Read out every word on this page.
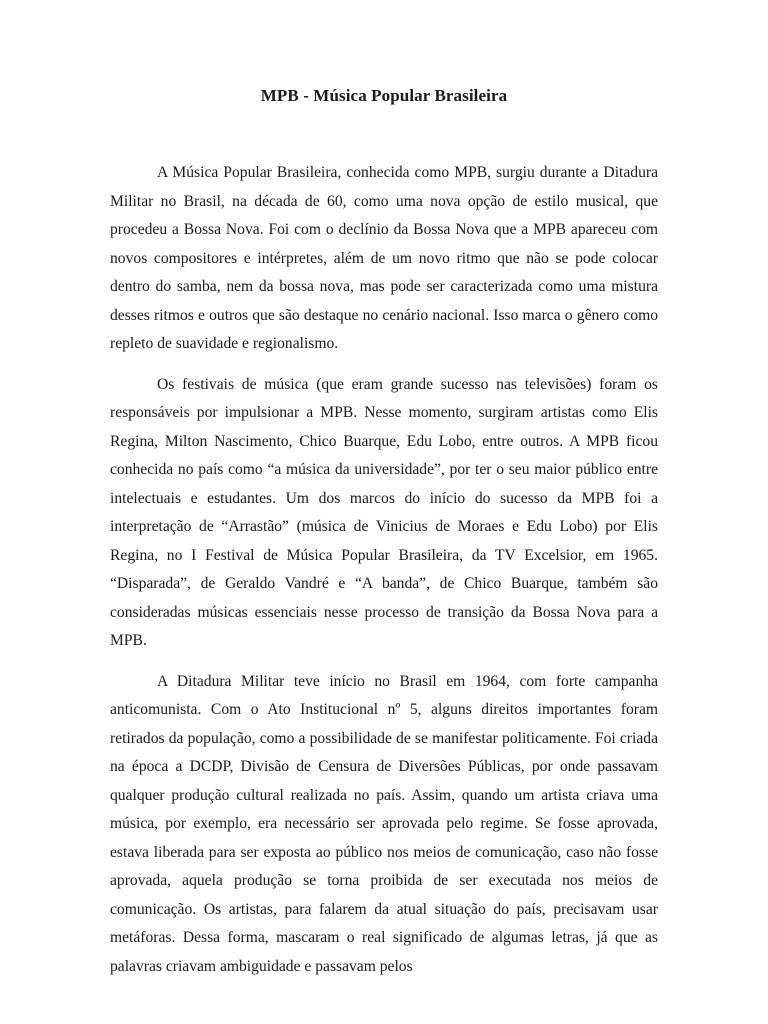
MPB - Música Popular Brasileira

A Música Popular Brasileira, conhecida como MPB, surgiu durante a Ditadura Militar no Brasil, na década de 60, como uma nova opção de estilo musical, que procedeu a Bossa Nova. Foi com o declínio da Bossa Nova que a MPB apareceu com novos compositores e intérpretes, além de um novo ritmo que não se pode colocar dentro do samba, nem da bossa nova, mas pode ser caracterizada como uma mistura desses ritmos e outros que são destaque no cenário nacional. Isso marca o gênero como repleto de suavidade e regionalismo.

Os festivais de música (que eram grande sucesso nas televisões) foram os responsáveis por impulsionar a MPB. Nesse momento, surgiram artistas como Elis Regina, Milton Nascimento, Chico Buarque, Edu Lobo, entre outros. A MPB ficou conhecida no país como “a música da universidade”, por ter o seu maior público entre intelectuais e estudantes. Um dos marcos do início do sucesso da MPB foi a interpretação de “Arrastão” (música de Vinicius de Moraes e Edu Lobo) por Elis Regina, no I Festival de Música Popular Brasileira, da TV Excelsior, em 1965. “Disparada”, de Geraldo Vandré e “A banda”, de Chico Buarque, também são consideradas músicas essenciais nesse processo de transição da Bossa Nova para a MPB.

A Ditadura Militar teve início no Brasil em 1964, com forte campanha anticomunista. Com o Ato Institucional nº 5, alguns direitos importantes foram retirados da população, como a possibilidade de se manifestar politicamente. Foi criada na época a DCDP, Divisão de Censura de Diversões Públicas, por onde passavam qualquer produção cultural realizada no país. Assim, quando um artista criava uma música, por exemplo, era necessário ser aprovada pelo regime. Se fosse aprovada, estava liberada para ser exposta ao público nos meios de comunicação, caso não fosse aprovada, aquela produção se torna proibida de ser executada nos meios de comunicação. Os artistas, para falarem da atual situação do país, precisavam usar metáforas. Dessa forma, mascaram o real significado de algumas letras, já que as palavras criavam ambiguidade e passavam pelos
